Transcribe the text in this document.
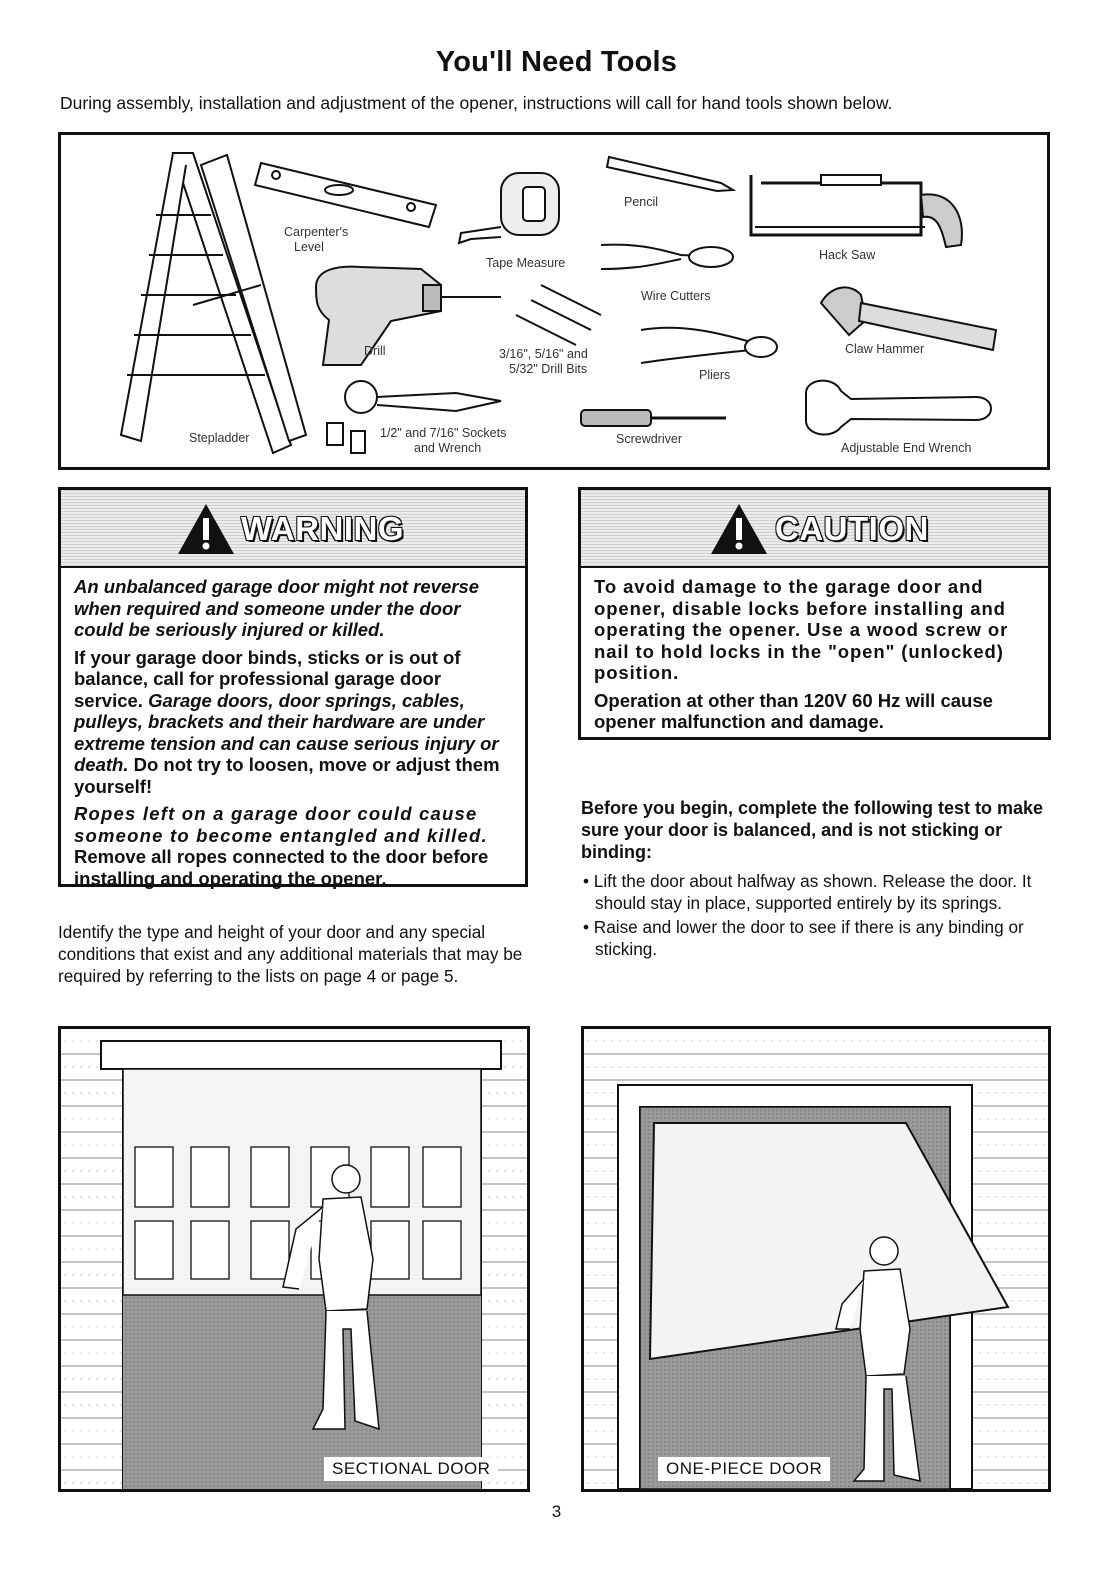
You'll Need Tools
During assembly, installation and adjustment of the opener, instructions will call for hand tools shown below.
Stepladder
Carpenter's
Level
Tape Measure
Pencil
Hack Saw
Wire Cutters
Drill	3/16", 5/16" and
5/32" Drill Bits	Pliers
Claw Hammer
1/2" and 7/16" Sockets
and Wrench
Screwdriver
Adjustable End Wrench
WARNING

An unbalanced garage door might not reverse when required and someone under the door could be seriously injured or killed.

If your garage door binds, sticks or is out of balance, call for professional garage door service. Garage doors, door springs, cables, pulleys, brackets and their hardware are under extreme tension and can cause serious injury or death. Do not try to loosen, move or adjust them yourself!

Ropes left on a garage door could cause someone to become entangled and killed. Remove all ropes connected to the door before installing and operating the opener.

CAUTION

To avoid damage to the garage door and opener, disable locks before installing and operating the opener. Use a wood screw or nail to hold locks in the "open" (unlocked) position.

Operation at other than 120V 60 Hz will cause opener malfunction and damage.

Identify the type and height of your door and any special conditions that exist and any additional materials that may be required by referring to the lists on page 4 or page 5.
Before you begin, complete the following test to make sure your door is balanced, and is not sticking or binding:
• Lift the door about halfway as shown. Release the door. It should stay in place, supported entirely by its springs.
• Raise and lower the door to see if there is any binding or sticking.
SECTIONAL DOOR	ONE-PIECE DOOR
3
